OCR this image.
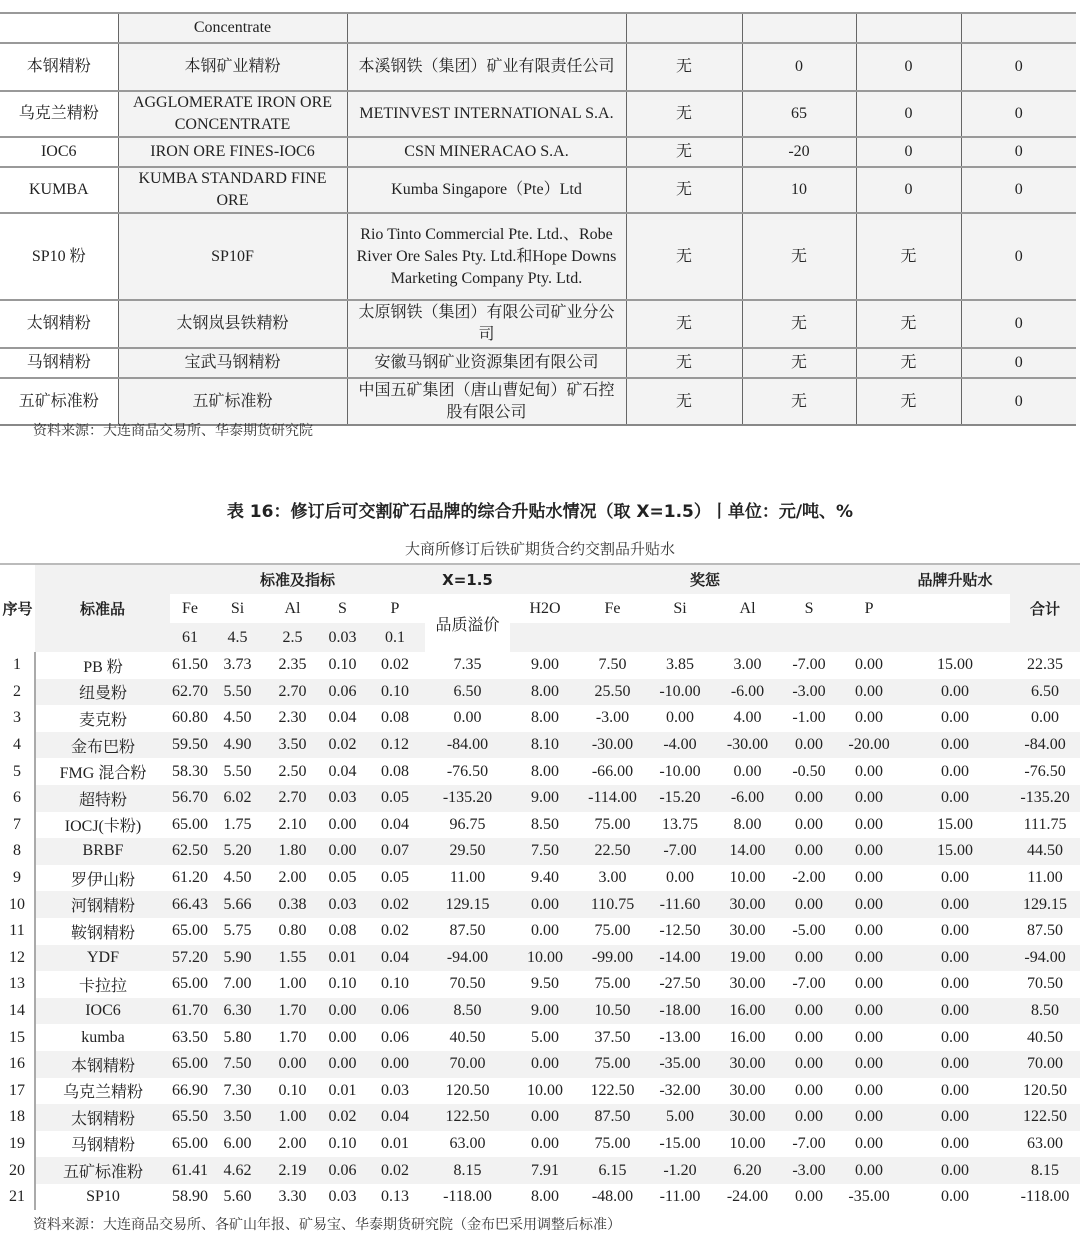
	Concentrate					
本钢精粉	本钢矿业精粉	本溪钢铁（集团）矿业有限责任公司	无	0	0	0
乌克兰精粉	AGGLOMERATE IRON ORE CONCENTRATE	METINVEST INTERNATIONAL S.A.	无	65	0	0
IOC6	IRON ORE FINES-IOC6	CSN MINERACAO S.A.	无	-20	0	0
KUMBA	KUMBA STANDARD FINE ORE	Kumba Singapore（Pte）Ltd	无	10	0	0
SP10 粉	SP10F	Rio Tinto Commercial Pte. Ltd.、Robe River Ore Sales Pty. Ltd.和Hope Downs Marketing Company Pty. Ltd.	无	无	无	0
太钢精粉	太钢岚县铁精粉	太原钢铁（集团）有限公司矿业分公司	无	无	无	0
马钢精粉	宝武马钢精粉	安徽马钢矿业资源集团有限公司	无	无	无	0
五矿标准粉	五矿标准粉	中国五矿集团（唐山曹妃甸）矿石控股有限公司	无	无	无	0
资料来源：大连商品交易所、华泰期货研究院
表 16：修订后可交割矿石品牌的综合升贴水情况（取 X=1.5）丨单位：元/吨、%
大商所修订后铁矿期货合约交割品升贴水
序号	标准品	标准及指标					X=1.5	奖惩						品牌升贴水	合计
		Fe	Si	Al	S	P	品质溢价	H2O	Fe	Si	Al	S	P		
		61	4.5	2.5	0.03	0.1									
1	PB 粉	61.50	3.73	2.35	0.10	0.02	7.35	9.00	7.50	3.85	3.00	-7.00	0.00	15.00	22.35
2	纽曼粉	62.70	5.50	2.70	0.06	0.10	6.50	8.00	25.50	-10.00	-6.00	-3.00	0.00	0.00	6.50
3	麦克粉	60.80	4.50	2.30	0.04	0.08	0.00	8.00	-3.00	0.00	4.00	-1.00	0.00	0.00	0.00
4	金布巴粉	59.50	4.90	3.50	0.02	0.12	-84.00	8.10	-30.00	-4.00	-30.00	0.00	-20.00	0.00	-84.00
5	FMG 混合粉	58.30	5.50	2.50	0.04	0.08	-76.50	8.00	-66.00	-10.00	0.00	-0.50	0.00	0.00	-76.50
6	超特粉	56.70	6.02	2.70	0.03	0.05	-135.20	9.00	-114.00	-15.20	-6.00	0.00	0.00	0.00	-135.20
7	IOCJ(卡粉)	65.00	1.75	2.10	0.00	0.04	96.75	8.50	75.00	13.75	8.00	0.00	0.00	15.00	111.75
8	BRBF	62.50	5.20	1.80	0.00	0.07	29.50	7.50	22.50	-7.00	14.00	0.00	0.00	15.00	44.50
9	罗伊山粉	61.20	4.50	2.00	0.05	0.05	11.00	9.40	3.00	0.00	10.00	-2.00	0.00	0.00	11.00
10	河钢精粉	66.43	5.66	0.38	0.03	0.02	129.15	0.00	110.75	-11.60	30.00	0.00	0.00	0.00	129.15
11	鞍钢精粉	65.00	5.75	0.80	0.08	0.02	87.50	0.00	75.00	-12.50	30.00	-5.00	0.00	0.00	87.50
12	YDF	57.20	5.90	1.55	0.01	0.04	-94.00	10.00	-99.00	-14.00	19.00	0.00	0.00	0.00	-94.00
13	卡拉拉	65.00	7.00	1.00	0.10	0.10	70.50	9.50	75.00	-27.50	30.00	-7.00	0.00	0.00	70.50
14	IOC6	61.70	6.30	1.70	0.00	0.06	8.50	9.00	10.50	-18.00	16.00	0.00	0.00	0.00	8.50
15	kumba	63.50	5.80	1.70	0.00	0.06	40.50	5.00	37.50	-13.00	16.00	0.00	0.00	0.00	40.50
16	本钢精粉	65.00	7.50	0.00	0.00	0.00	70.00	0.00	75.00	-35.00	30.00	0.00	0.00	0.00	70.00
17	乌克兰精粉	66.90	7.30	0.10	0.01	0.03	120.50	10.00	122.50	-32.00	30.00	0.00	0.00	0.00	120.50
18	太钢精粉	65.50	3.50	1.00	0.02	0.04	122.50	0.00	87.50	5.00	30.00	0.00	0.00	0.00	122.50
19	马钢精粉	65.00	6.00	2.00	0.10	0.01	63.00	0.00	75.00	-15.00	10.00	-7.00	0.00	0.00	63.00
20	五矿标准粉	61.41	4.62	2.19	0.06	0.02	8.15	7.91	6.15	-1.20	6.20	-3.00	0.00	0.00	8.15
21	SP10	58.90	5.60	3.30	0.03	0.13	-118.00	8.00	-48.00	-11.00	-24.00	0.00	-35.00	0.00	-118.00
资料来源：大连商品交易所、各矿山年报、矿易宝、华泰期货研究院（金布巴采用调整后标准）
